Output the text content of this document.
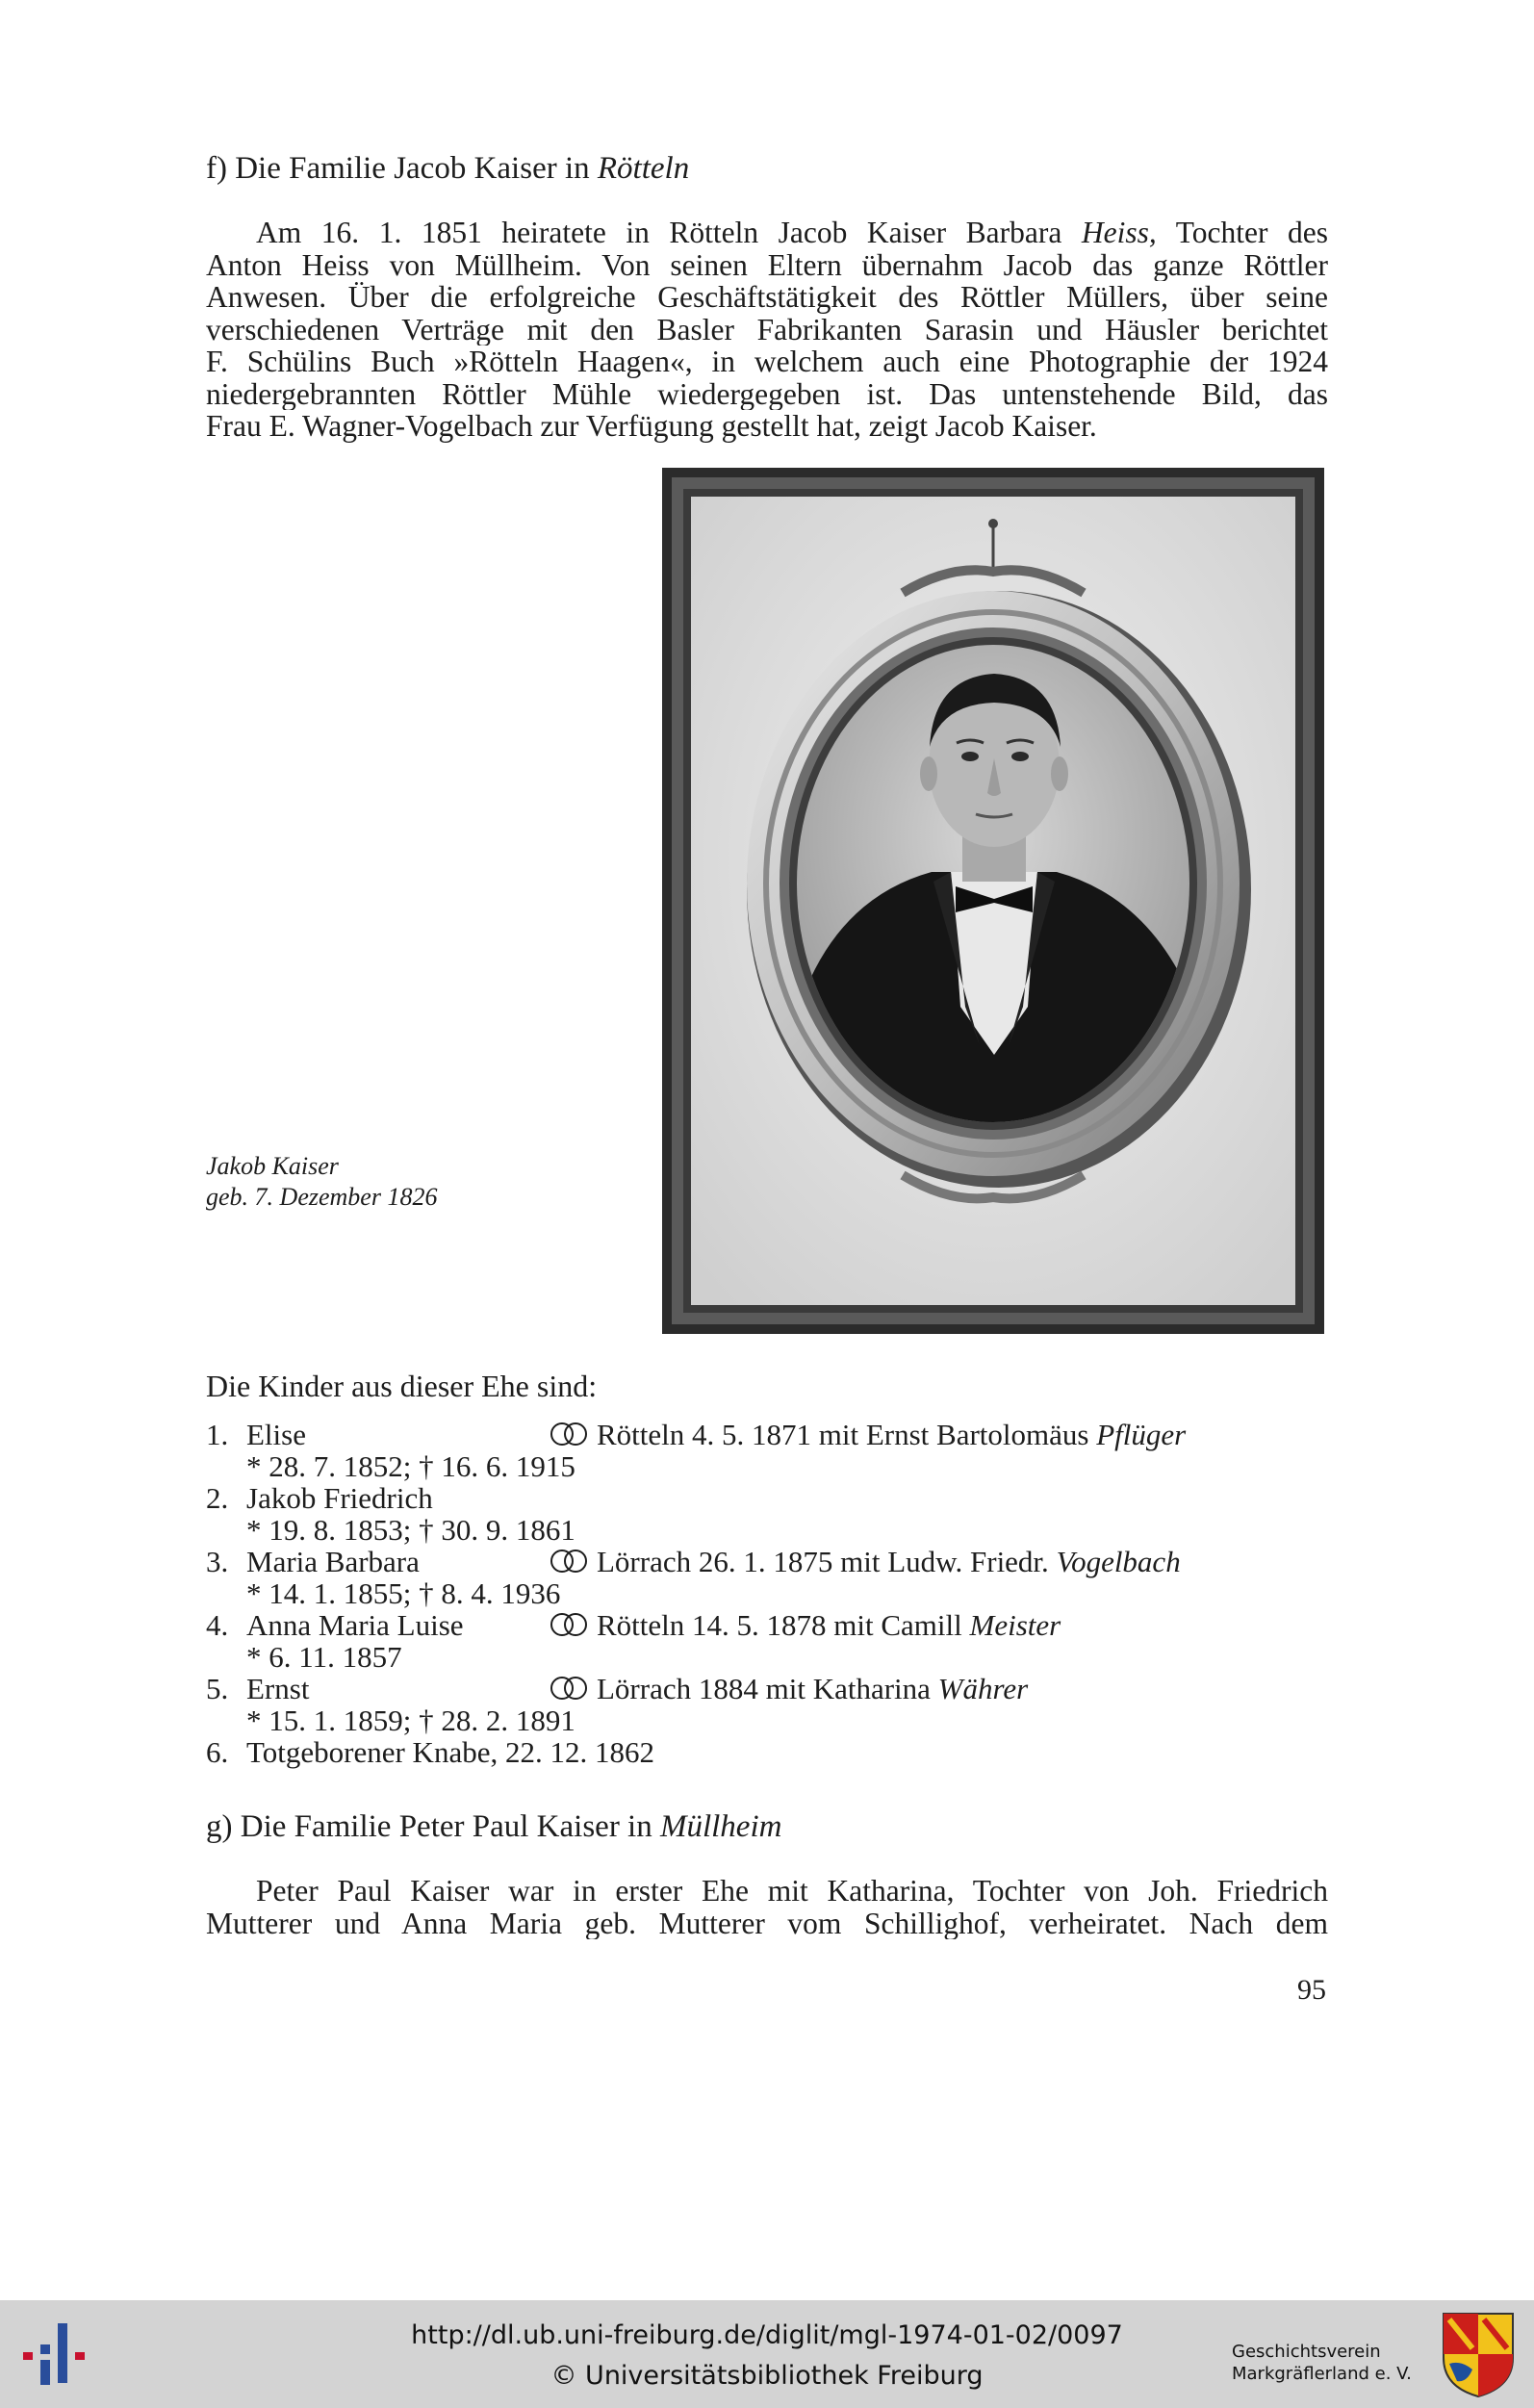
f) Die Familie Jacob Kaiser in Rötteln
Am 16. 1. 1851 heiratete in Rötteln Jacob Kaiser Barbara Heiss, Tochter des
Anton Heiss von Müllheim. Von seinen Eltern übernahm Jacob das ganze Röttler
Anwesen. Über die erfolgreiche Geschäftstätigkeit des Röttler Müllers, über seine
verschiedenen Verträge mit den Basler Fabrikanten Sarasin und Häusler berichtet
F. Schülins Buch »Rötteln Haagen«, in welchem auch eine Photographie der 1924
niedergebrannten Röttler Mühle wiedergegeben ist. Das untenstehende Bild, das
Frau E. Wagner-Vogelbach zur Verfügung gestellt hat, zeigt Jacob Kaiser.
Jakob Kaiser
geb. 7. Dezember 1826
Die Kinder aus dieser Ehe sind:
1. Elise	Rötteln 4. 5. 1871 mit Ernst Bartolomäus Pflüger
* 28. 7. 1852; † 16. 6. 1915
2. Jakob Friedrich
* 19. 8. 1853; † 30. 9. 1861
3. Maria Barbara	Lörrach 26. 1. 1875 mit Ludw. Friedr. Vogelbach
* 14. 1. 1855; † 8. 4. 1936
4. Anna Maria Luise	Rötteln 14. 5. 1878 mit Camill Meister
* 6. 11. 1857
5. Ernst	Lörrach 1884 mit Katharina Währer
* 15. 1. 1859; † 28. 2. 1891
6. Totgeborener Knabe, 22. 12. 1862
g) Die Familie Peter Paul Kaiser in Müllheim
Peter Paul Kaiser war in erster Ehe mit Katharina, Tochter von Joh. Friedrich
Mutterer und Anna Maria geb. Mutterer vom Schillighof, verheiratet. Nach dem
95
http://dl.ub.uni-freiburg.de/diglit/mgl-1974-01-02/0097
© Universitätsbibliothek Freiburg
Geschichtsverein
Markgräflerland e. V.
